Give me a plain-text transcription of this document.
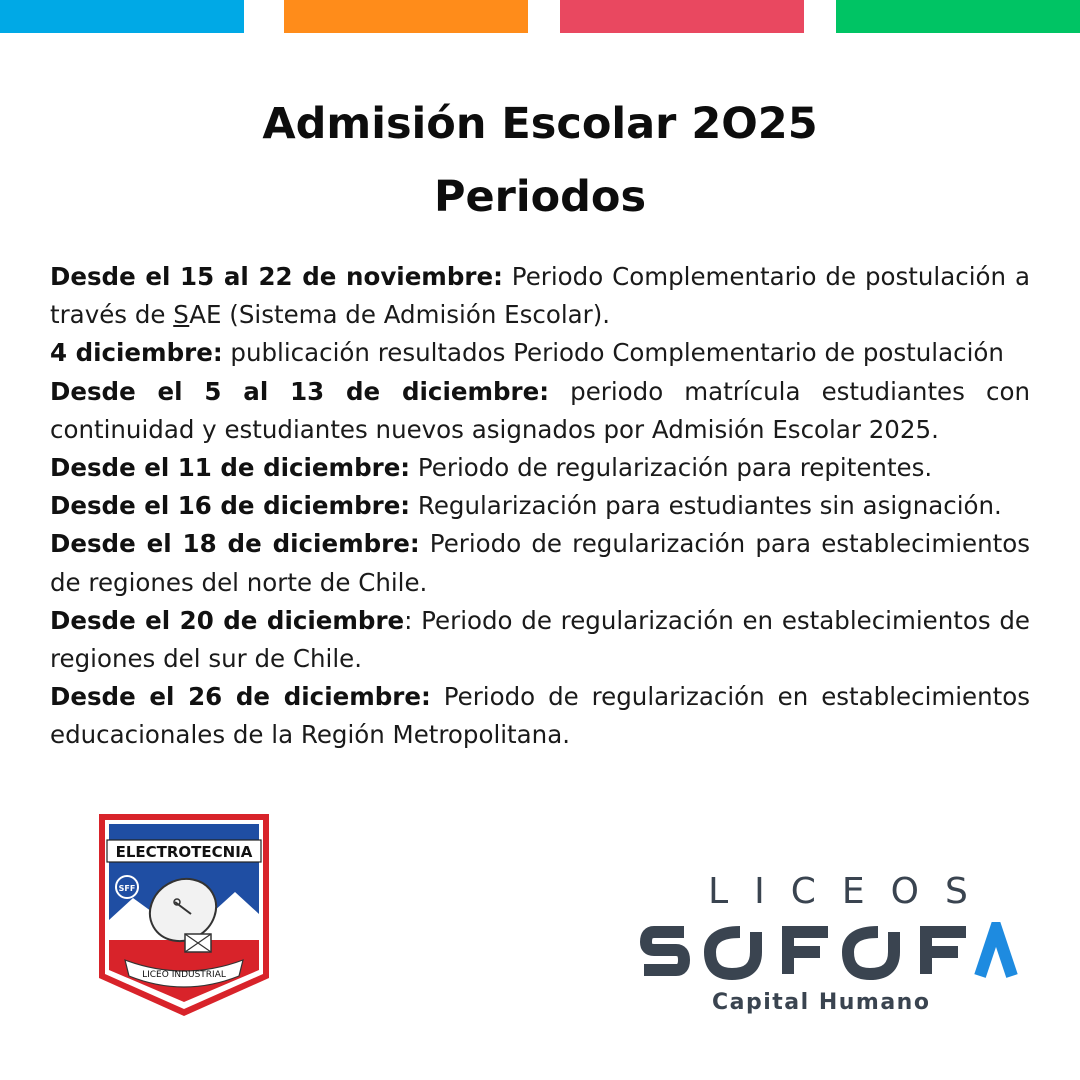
Admisión Escolar 2O25
Periodos

Desde el 15 al 22 de noviembre: Periodo Complementario de postulación a través de SAE (Sistema de Admisión Escolar).

4 diciembre: publicación resultados Periodo Complementario de postulación

Desde el 5 al 13 de diciembre: periodo matrícula estudiantes con continuidad y estudiantes nuevos asignados por Admisión Escolar 2025.

Desde el 11 de diciembre: Periodo de regularización para repitentes.

Desde el 16 de diciembre: Regularización para estudiantes sin asignación.

Desde el 18 de diciembre: Periodo de regularización para establecimientos de regiones del norte de Chile.

Desde el 20 de diciembre: Periodo de regularización en establecimientos de regiones del sur de Chile.

Desde el 26 de diciembre: Periodo de regularización en establecimientos educacionales de la Región Metropolitana.

ELECTROTECNIA
SFF
LICEO INDUSTRIAL
LICEOS
Capital Humano
